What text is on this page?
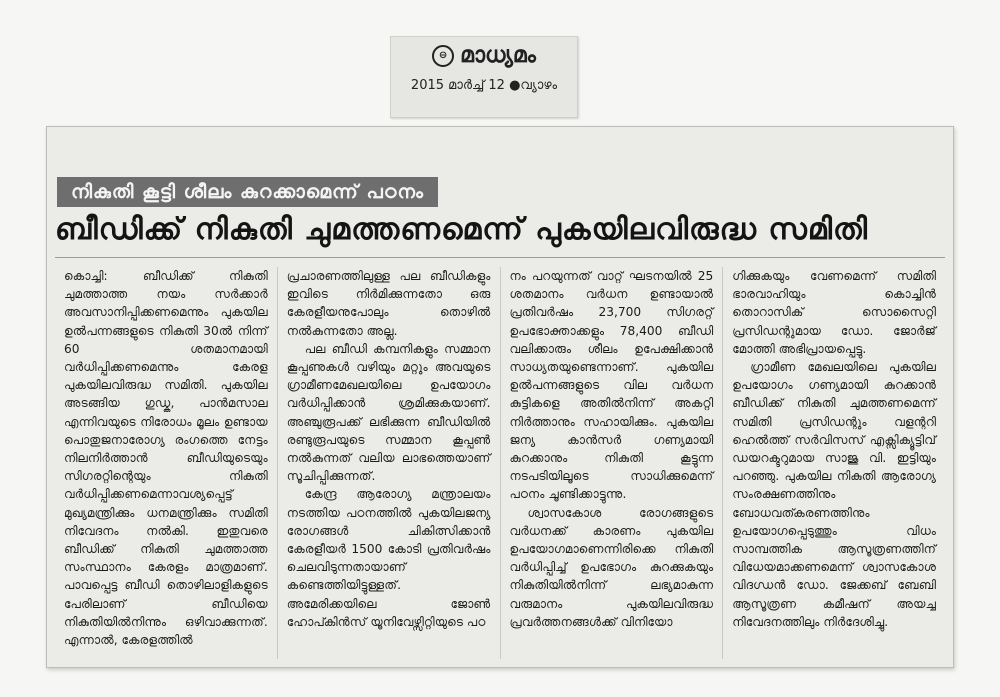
⊖ മാധ്യമം
2015 മാർച്ച് 12 ●വ്യാഴം
നികുതി കൂട്ടി ശീലം കുറക്കാമെന്ന് പഠനം
ബീഡിക്ക് നികുതി ചുമത്തണമെന്ന് പുകയിലവിരുദ്ധ സമിതി

കൊച്ചി: ബീഡിക്ക് നികുതി ചുമത്താത്ത നയം സർക്കാർ അവസാനിപ്പിക്കണമെന്നും പുകയില ഉൽപന്നങ്ങളുടെ നികുതി 30ൽ നിന്ന് 60 ശതമാനമായി വർധിപ്പിക്കണമെന്നും കേരള പുകയിലവിരുദ്ധ സമിതി. പുകയില അടങ്ങിയ ഗുഡ്ക, പാൻമസാല എന്നിവയുടെ നിരോധം മൂലം ഉണ്ടായ പൊതുജനാരോഗ്യ രംഗത്തെ നേട്ടം നിലനിർത്താൻ ബീഡിയുടെയും സിഗരറ്റിന്റെയും നികുതി വർധിപ്പിക്കണമെന്നാവശ്യപ്പെട്ട് മുഖ്യമന്ത്രിക്കും ധനമന്ത്രിക്കും സമിതി നിവേദനം നൽകി. ഇതുവരെ ബീഡിക്ക് നികുതി ചുമത്താത്ത സംസ്ഥാനം കേരളം മാത്രമാണ്. പാവപ്പെട്ട ബീഡി തൊഴിലാളികളുടെ പേരിലാണ് ബീഡിയെ നികുതിയിൽനിന്നും ഒഴിവാക്കുന്നത്. എന്നാൽ, കേരളത്തിൽ

പ്രചാരണത്തിലുള്ള പല ബീഡികളും ഇവിടെ നിർമിക്കുന്നതോ ഒരു കേരളീയനുപോലും തൊഴിൽ നൽകുന്നതോ അല്ല.

പല ബീഡി കമ്പനികളും സമ്മാന കൂപ്പണുകൾ വഴിയും മറ്റും അവയുടെ ഗ്രാമീണമേഖലയിലെ ഉപയോഗം വർധിപ്പിക്കാൻ ശ്രമിക്കുകയാണ്. അഞ്ചുരൂപക്ക് ലഭിക്കുന്ന ബീഡിയിൽ രണ്ടുരൂപയുടെ സമ്മാന കൂപ്പൺ നൽകുന്നത് വലിയ ലാഭത്തെയാണ് സൂചിപ്പിക്കുന്നത്.

കേന്ദ്ര ആരോഗ്യ മന്ത്രാലയം നടത്തിയ പഠനത്തിൽ പുകയിലജന്യ രോഗങ്ങൾ ചികിത്സിക്കാൻ കേരളീയർ 1500 കോടി പ്രതിവർഷം ചെലവിടുന്നതായാണ് കണ്ടെത്തിയിട്ടുള്ളത്. അമേരിക്കയിലെ ജോൺ ഹോപ്കിൻസ് യൂനിവേഴ്സിറ്റിയുടെ പഠ

നം പറയുന്നത് വാറ്റ് ഘടനയിൽ 25 ശതമാനം വർധന ഉണ്ടായാൽ പ്രതിവർഷം 23,700 സിഗരറ്റ് ഉപഭോക്താക്കളും 78,400 ബീഡി വലിക്കാരും ശീലം ഉപേക്ഷിക്കാൻ സാധ്യതയുണ്ടെന്നാണ്. പുകയില ഉൽപന്നങ്ങളുടെ വില വർധന കുട്ടികളെ അതിൽനിന്ന് അകറ്റി നിർത്താനും സഹായിക്കും. പുകയില ജന്യ കാൻസർ ഗണ്യമായി കുറക്കാനും നികുതി കൂട്ടുന്ന നടപടിയിലൂടെ സാധിക്കുമെന്ന് പഠനം ചൂണ്ടിക്കാട്ടുന്നു.

ശ്വാസകോശ രോഗങ്ങളുടെ വർധനക്ക് കാരണം പുകയില ഉപയോഗമാണെന്നിരിക്കെ നികുതി വർധിപ്പിച്ച് ഉപഭോഗം കുറക്കുകയും നികുതിയിൽനിന്ന് ലഭ്യമാകുന്ന വരുമാനം പുകയിലവിരുദ്ധ പ്രവർത്തനങ്ങൾക്ക് വിനിയോ

ഗിക്കുകയും വേണമെന്ന് സമിതി ഭാരവാഹിയും കൊച്ചിൻ തൊറാസിക് സൊസൈറ്റി പ്രസിഡന്റുമായ ഡോ. ജോർജ് മോത്തി അഭിപ്രായപ്പെട്ടു.

ഗ്രാമീണ മേഖലയിലെ പുകയില ഉപയോഗം ഗണ്യമായി കുറക്കാൻ ബീഡിക്ക് നികുതി ചുമത്തണമെന്ന് സമിതി പ്രസിഡന്റും വളന്ററി ഹെൽത്ത് സർവിസസ് എക്സിക്യൂട്ടിവ് ഡയറക്ടറുമായ സാജു വി. ഇട്ടിയും പറഞ്ഞു. പുകയില നികുതി ആരോഗ്യ സംരക്ഷണത്തിനും ബോധവത്കരണത്തിനും ഉപയോഗപ്പെടുത്തും വിധം സാമ്പത്തിക ആസൂത്രണത്തിന് വിധേയമാക്കണമെന്ന് ശ്വാസകോശ വിദഗ്ധൻ ഡോ. ജേക്കബ് ബേബി ആസൂത്രണ കമീഷന് അയച്ച നിവേദനത്തിലും നിർദേശിച്ചു.
